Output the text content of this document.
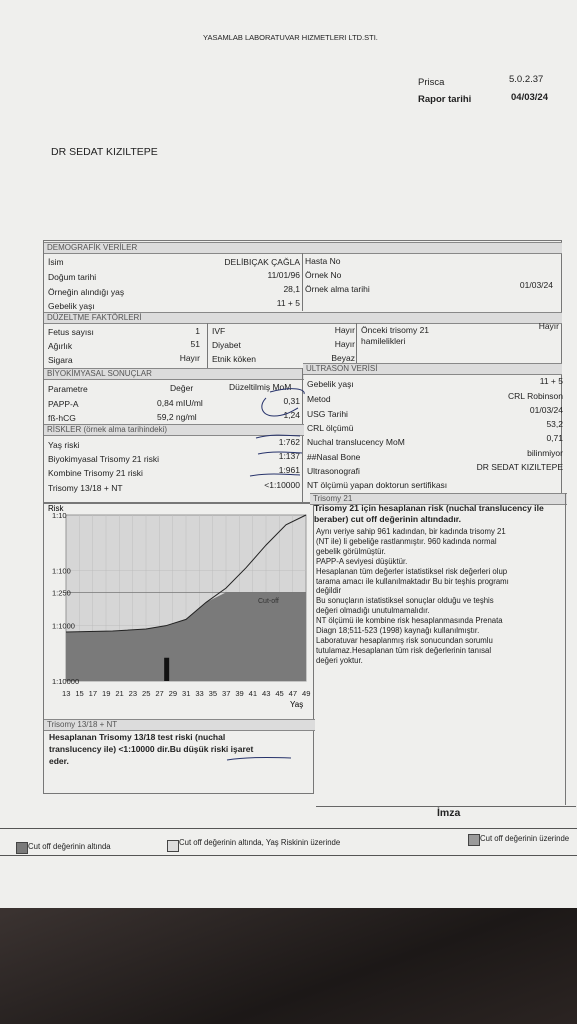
YASAMLAB LABORATUVAR HIZMETLERI LTD.STI.
Prisca	5.0.2.37
Rapor tarihi	04/03/24
DR SEDAT KIZILTEPE
DEMOGRAFİK VERİLER
İsim	DELİBIÇAK ÇAĞLA
Doğum tarihi	11/01/96
Örneğin alındığı yaş	28,1
Gebelik yaşı	11 + 5
Hasta No
Örnek No
Örnek alma tarihi	01/03/24
DÜZELTME FAKTÖRLERİ
Fetus sayısı	1
Ağırlık	51
Sigara	Hayır
IVF	Hayır
Diyabet	Hayır
Etnik köken	Beyaz
Önceki trisomy 21 hamilelikleri
Hayır
BİYOKİMYASAL SONUÇLAR
Parametre	Değer	Düzeltilmiş MoM
PAPP-A	0,84 mIU/ml	0,31
fß-hCG	59,2 ng/ml	1,24
RİSKLER (örnek alma tarihindeki)
Yaş riski	1:762
Biyokimyasal Trisomy 21 riski	1:137
Kombine Trisomy 21 riski	1:961
Trisomy 13/18 + NT	<1:10000
ULTRASON VERİSİ
Gebelik yaşı	11 + 5
Metod	CRL Robinson
USG Tarihi	01/03/24
CRL ölçümü	53,2
Nuchal translucency MoM	0,71
##Nasal Bone	bilinmiyor
Ultrasonografi	DR SEDAT KIZILTEPE
NT ölçümü yapan doktorun sertifikası
Risk
1:10
1:100
1:250
1:1000
1:10000
13 15 17 19 21 23 25 27 29 31 33 35 37 39 41 43 45 47 49
Cut-off
Yaş
Trisomy 13/18 + NT
Hesaplanan Trisomy 13/18 test riski (nuchal
translucency ile) <1:10000 dir.Bu düşük riski işaret
eder.
Trisomy 21
Trisomy 21 için hesaplanan risk (nuchal translucency ile beraber) cut off değerinin altındadır.
Aynı veriye sahip 961 kadından, bir kadında trisomy 21
(NT ile) li gebeliğe rastlanmıştır. 960 kadında normal
gebelik görülmüştür.
PAPP-A seviyesi düşüktür.
Hesaplanan tüm değerler istatistiksel risk değerleri olup
tarama amacı ile kullanılmaktadır Bu bir teşhis programı
değildir
Bu sonuçların istatistiksel sonuçlar olduğu ve teşhis
değeri olmadığı unutulmamalıdır.
NT ölçümü ile kombine risk hesaplanmasında Prenata
Diagn 18;511-523 (1998) kaynağı kullanılmıştır.
Laboratuvar hesaplanmış risk sonucundan sorumlu
tutulamaz.Hesaplanan tüm risk değerlerinin tanısal
değeri yoktur.
İmza
Cut off değerinin altında	Cut off değerinin altında, Yaş Riskinin üzerinde	Cut off değerinin üzerinde
